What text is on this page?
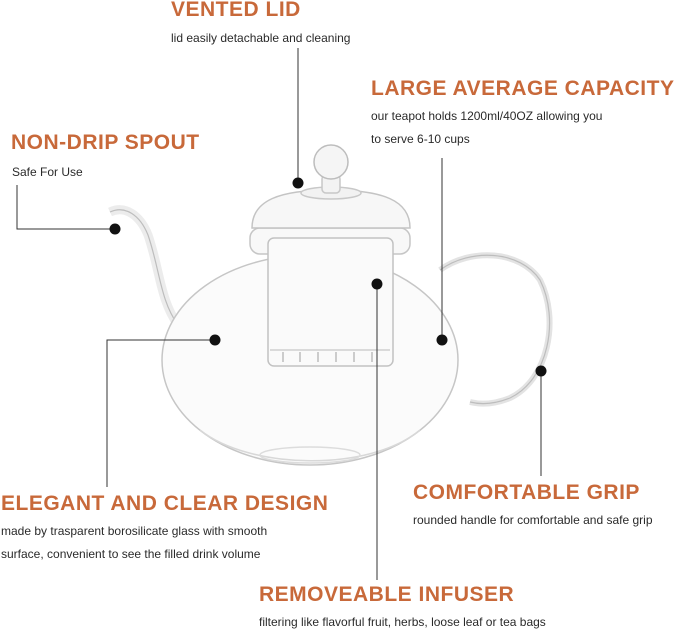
VENTED LID
lid easily detachable and cleaning
LARGE AVERAGE CAPACITY
our teapot holds 1200ml/40OZ allowing you
to serve 6-10 cups
NON-DRIP SPOUT
Safe For Use
ELEGANT AND CLEAR DESIGN
made by trasparent borosilicate glass with smooth
surface, convenient to see the filled drink volume
COMFORTABLE GRIP
rounded handle for comfortable and safe grip
REMOVEABLE INFUSER
filtering like flavorful fruit, herbs, loose leaf or tea bags
